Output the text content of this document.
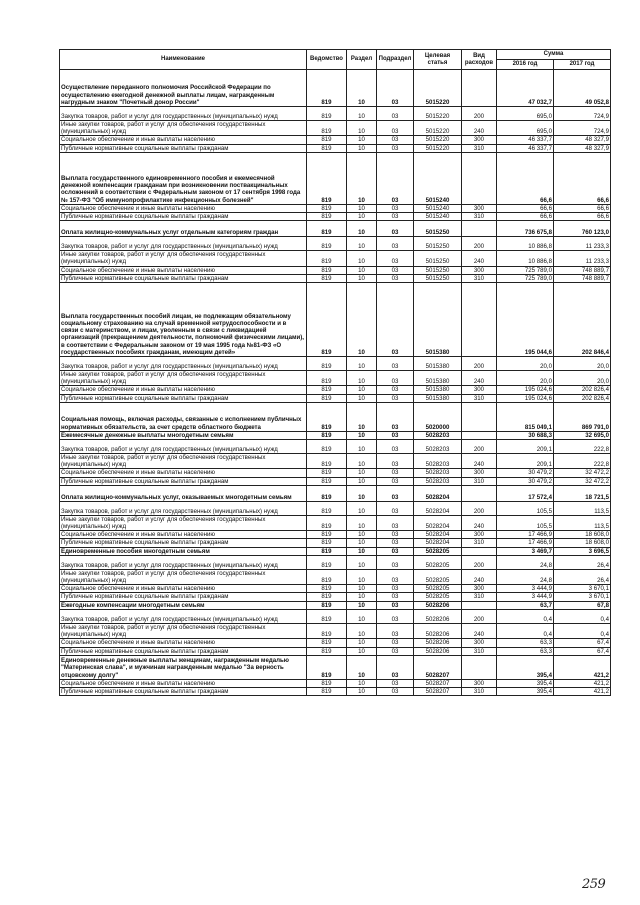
Наименование	Ведомство	Раздел	Подраздел	Целевая статья	Вид расходов	Сумма	
						2016 год	2017 год
Осуществление переданного полномочия Российской Федерации по осуществлению ежегодной денежной выплаты лицам, награжденным нагрудным знаком "Почетный донор России"	819	10	03	5015220		47 032,7	49 052,8
Закупка товаров, работ и услуг для государственных (муниципальных) нужд	819	10	03	5015220	200	695,0	724,9
Иные закупки товаров, работ и услуг для обеспечения государственных (муниципальных) нужд	819	10	03	5015220	240	695,0	724,9
Социальное обеспечение и иные выплаты населению	819	10	03	5015220	300	46 337,7	48 327,9
Публичные нормативные социальные выплаты гражданам	819	10	03	5015220	310	46 337,7	48 327,9
Выплата государственного единовременного пособия и ежемесячной денежной компенсации гражданам при возникновении поствакцинальных осложнений в соответствии с Федеральным законом от 17 сентября 1998 года № 157-ФЗ "Об иммунопрофилактике инфекционных болезней"	819	10	03	5015240		66,6	66,6
Социальное обеспечение и иные выплаты населению	819	10	03	5015240	300	66,6	66,6
Публичные нормативные социальные выплаты гражданам	819	10	03	5015240	310	66,6	66,6
Оплата жилищно-коммунальных услуг отдельным категориям граждан	819	10	03	5015250		736 675,8	760 123,0
Закупка товаров, работ и услуг для государственных (муниципальных) нужд	819	10	03	5015250	200	10 886,8	11 233,3
Иные закупки товаров, работ и услуг для обеспечения государственных (муниципальных) нужд	819	10	03	5015250	240	10 886,8	11 233,3
Социальное обеспечение и иные выплаты населению	819	10	03	5015250	300	725 789,0	748 889,7
Публичные нормативные социальные выплаты гражданам	819	10	03	5015250	310	725 789,0	748 889,7
Выплата государственных пособий лицам, не подлежащим обязательному социальному страхованию на случай временной нетрудоспособности и в связи с материнством, и лицам, уволенным в связи с ликвидацией организаций (прекращением деятельности, полномочий физическими лицами), в соответствии с Федеральным законом от 19 мая 1995 года №81-ФЗ «О государственных пособиях гражданам, имеющим детей»	819	10	03	5015380		195 044,6	202 846,4
Закупка товаров, работ и услуг для государственных (муниципальных) нужд	819	10	03	5015380	200	20,0	20,0
Иные закупки товаров, работ и услуг для обеспечения государственных (муниципальных) нужд	819	10	03	5015380	240	20,0	20,0
Социальное обеспечение и иные выплаты населению	819	10	03	5015380	300	195 024,6	202 826,4
Публичные нормативные социальные выплаты гражданам	819	10	03	5015380	310	195 024,6	202 826,4
Социальная помощь, включая расходы, связанные с исполнением публичных нормативных обязательств, за счет средств областного бюджета	819	10	03	5020000		815 049,1	869 791,0
Ежемесячные денежные выплаты многодетным семьям	819	10	03	5028203		30 688,3	32 695,0
Закупка товаров, работ и услуг для государственных (муниципальных) нужд	819	10	03	5028203	200	209,1	222,8
Иные закупки товаров, работ и услуг для обеспечения государственных (муниципальных) нужд	819	10	03	5028203	240	209,1	222,8
Социальное обеспечение и иные выплаты населению	819	10	03	5028203	300	30 479,2	32 472,2
Публичные нормативные социальные выплаты гражданам	819	10	03	5028203	310	30 479,2	32 472,2
Оплата жилищно-коммунальных услуг, оказываемых многодетным семьям	819	10	03	5028204		17 572,4	18 721,5
Закупка товаров, работ и услуг для государственных (муниципальных) нужд	819	10	03	5028204	200	105,5	113,5
Иные закупки товаров, работ и услуг для обеспечения государственных (муниципальных) нужд	819	10	03	5028204	240	105,5	113,5
Социальное обеспечение и иные выплаты населению	819	10	03	5028204	300	17 466,9	18 608,0
Публичные нормативные социальные выплаты гражданам	819	10	03	5028204	310	17 466,9	18 608,0
Единовременные пособия многодетным семьям	819	10	03	5028205		3 469,7	3 696,5
Закупка товаров, работ и услуг для государственных (муниципальных) нужд	819	10	03	5028205	200	24,8	26,4
Иные закупки товаров, работ и услуг для обеспечения государственных (муниципальных) нужд	819	10	03	5028205	240	24,8	26,4
Социальное обеспечение и иные выплаты населению	819	10	03	5028205	300	3 444,9	3 670,1
Публичные нормативные социальные выплаты гражданам	819	10	03	5028205	310	3 444,9	3 670,1
Ежегодные компенсации многодетным семьям	819	10	03	5028206		63,7	67,8
Закупка товаров, работ и услуг для государственных (муниципальных) нужд	819	10	03	5028206	200	0,4	0,4
Иные закупки товаров, работ и услуг для обеспечения государственных (муниципальных) нужд	819	10	03	5028206	240	0,4	0,4
Социальное обеспечение и иные выплаты населению	819	10	03	5028206	300	63,3	67,4
Публичные нормативные социальные выплаты гражданам	819	10	03	5028206	310	63,3	67,4
Единовременные денежные выплаты женщинам, награжденным медалью "Материнская слава", и мужчинам награжденным медалью "За верность отцовскому долгу"	819	10	03	5028207		395,4	421,2
Социальное обеспечение и иные выплаты населению	819	10	03	5028207	300	395,4	421,2
Публичные нормативные социальные выплаты гражданам	819	10	03	5028207	310	395,4	421,2
259
